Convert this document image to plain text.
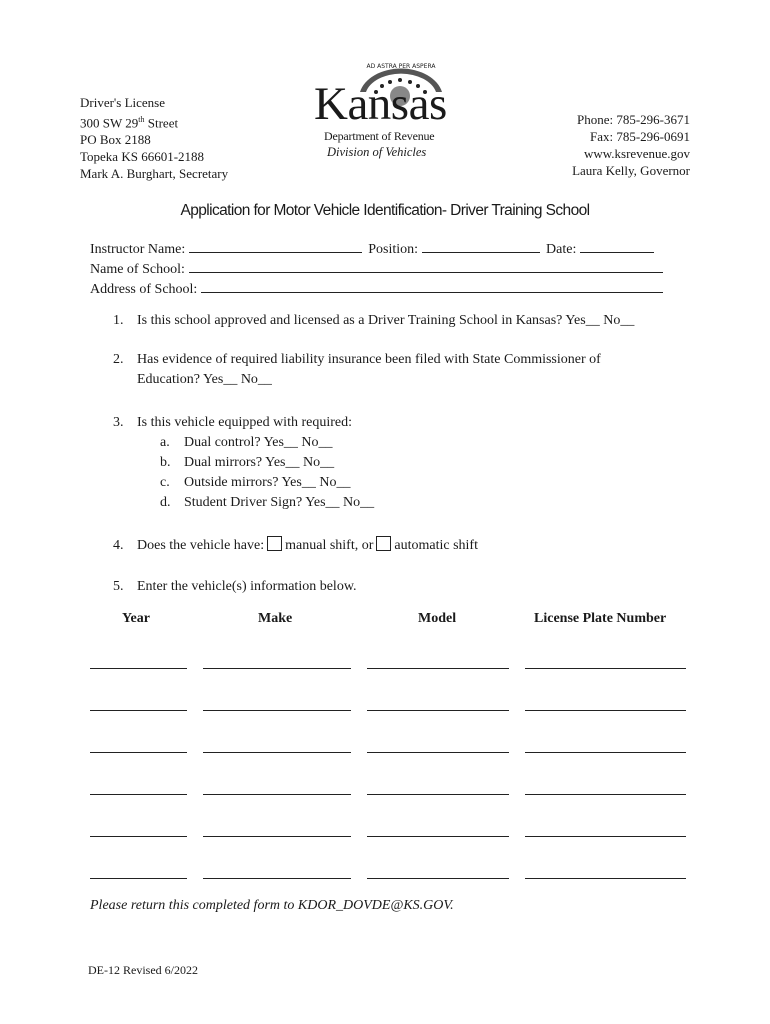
Driver's License
300 SW 29th Street
PO Box 2188
Topeka KS 66601-2188
Mark A. Burghart, Secretary
AD ASTRA PER ASPERA
Kansas
Department of Revenue
Division of Vehicles
Phone: 785-296-3671
Fax: 785-296-0691
www.ksrevenue.gov
Laura Kelly, Governor
Application for Motor Vehicle Identification- Driver Training School
Instructor Name:	Position:	Date:
Name of School:
Address of School:
1. Is this school approved and licensed as a Driver Training School in Kansas? Yes__ No__
2. Has evidence of required liability insurance been filed with State Commissioner of
Education? Yes__ No__
3. Is this vehicle equipped with required:
a. Dual control? Yes__ No__
b. Dual mirrors? Yes__ No__
c. Outside mirrors? Yes__ No__
d. Student Driver Sign? Yes__ No__
4. Does the vehicle have: manual shift, or automatic shift
5. Enter the vehicle(s) information below.
Year	Make	Model	License Plate Number
Please return this completed form to KDOR_DOVDE@KS.GOV.
DE-12 Revised 6/2022
